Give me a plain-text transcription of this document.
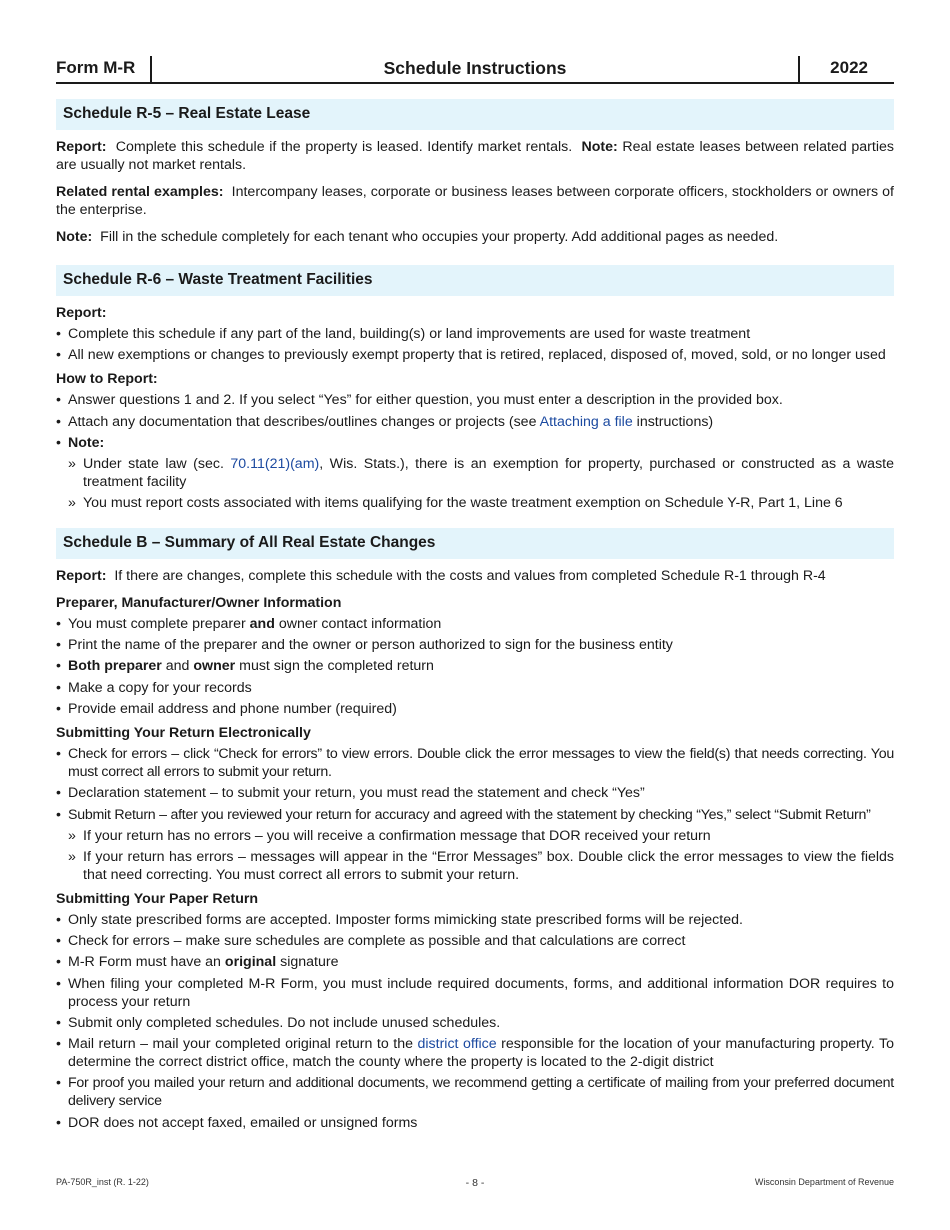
Form M-R	Schedule Instructions	2022
Schedule R-5 – Real Estate Lease

Report: Complete this schedule if the property is leased. Identify market rentals. Note: Real estate leases between related parties are usually not market rentals.

Related rental examples: Intercompany leases, corporate or business leases between corporate officers, stockholders or owners of the enterprise.

Note: Fill in the schedule completely for each tenant who occupies your property. Add additional pages as needed.

Schedule R-6 – Waste Treatment Facilities
Report:
• Complete this schedule if any part of the land, building(s) or land improvements are used for waste treatment
• All new exemptions or changes to previously exempt property that is retired, replaced, disposed of, moved, sold, or no longer used
How to Report:
• Answer questions 1 and 2. If you select “Yes” for either question, you must enter a description in the provided box.
• Attach any documentation that describes/outlines changes or projects (see Attaching a file instructions)
• Note:
» Under state law (sec. 70.11(21)(am), Wis. Stats.), there is an exemption for property, purchased or constructed as a waste treatment facility
» You must report costs associated with items qualifying for the waste treatment exemption on Schedule Y-R, Part 1, Line 6
Schedule B – Summary of All Real Estate Changes

Report: If there are changes, complete this schedule with the costs and values from completed Schedule R-1 through R-4

Preparer, Manufacturer/Owner Information
• You must complete preparer and owner contact information
• Print the name of the preparer and the owner or person authorized to sign for the business entity
• Both preparer and owner must sign the completed return
• Make a copy for your records
• Provide email address and phone number (required)
Submitting Your Return Electronically
• Check for errors – click “Check for errors” to view errors. Double click the error messages to view the field(s) that needs correcting. You must correct all errors to submit your return.
• Declaration statement – to submit your return, you must read the statement and check “Yes”
• Submit Return – after you reviewed your return for accuracy and agreed with the statement by checking “Yes,” select “Submit Return”
» If your return has no errors – you will receive a confirmation message that DOR received your return
» If your return has errors – messages will appear in the “Error Messages” box. Double click the error messages to view the fields that need correcting. You must correct all errors to submit your return.
Submitting Your Paper Return
• Only state prescribed forms are accepted. Imposter forms mimicking state prescribed forms will be rejected.
• Check for errors – make sure schedules are complete as possible and that calculations are correct
• M-R Form must have an original signature
• When filing your completed M-R Form, you must include required documents, forms, and additional information DOR requires to process your return
• Submit only completed schedules. Do not include unused schedules.
• Mail return – mail your completed original return to the district office responsible for the location of your manufacturing property. To determine the correct district office, match the county where the property is located to the 2-digit district
• For proof you mailed your return and additional documents, we recommend getting a certificate of mailing from your preferred document delivery service
• DOR does not accept faxed, emailed or unsigned forms
PA-750R_inst (R. 1-22)	- 8 -	Wisconsin Department of Revenue
